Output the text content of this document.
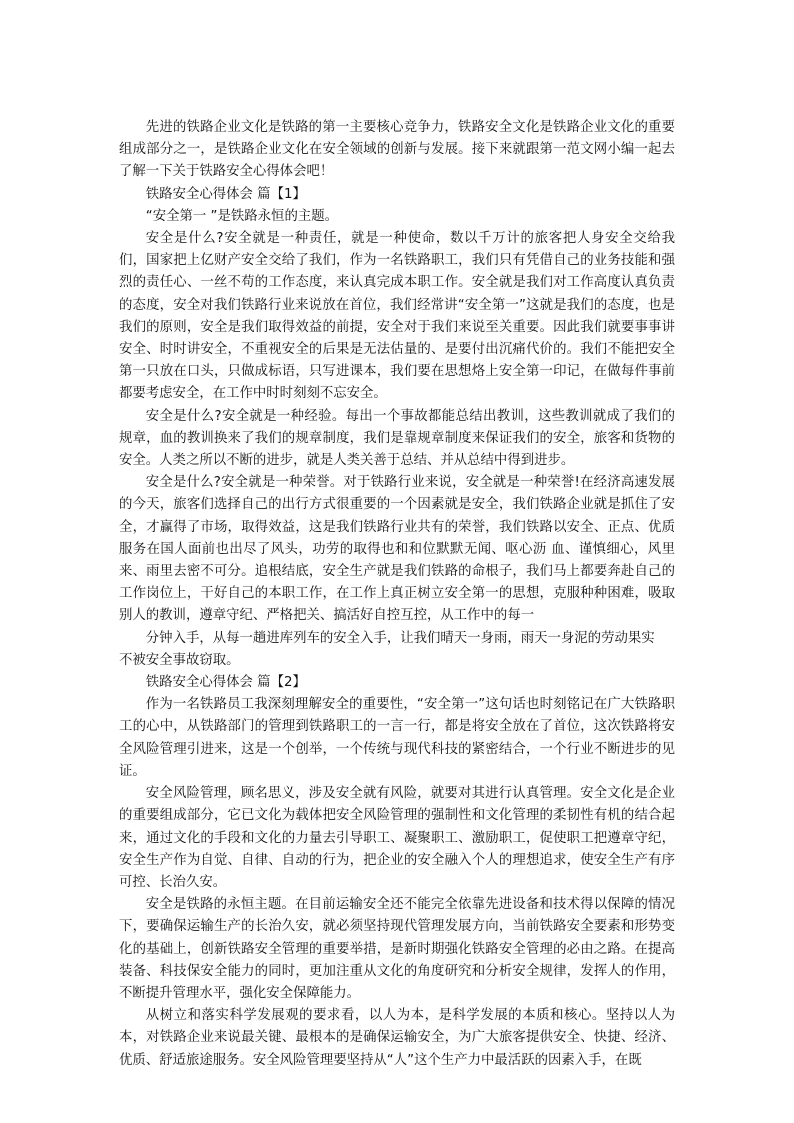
先进的铁路企业文化是铁路的第一主要核心竞争力，铁路安全文化是铁路企业文化的重要组成部分之一，是铁路企业文化在安全领域的创新与发展。接下来就跟第一范文网小编一起去了解一下关于铁路安全心得体会吧！

铁路安全心得体会 篇【1】

“安全第一 ”是铁路永恒的主题。

安全是什么?安全就是一种责任，就是一种使命，数以千万计的旅客把人身安全交给我们，国家把上亿财产安全交给了我们，作为一名铁路职工，我们只有凭借自己的业务技能和强烈的责任心、一丝不苟的工作态度，来认真完成本职工作。安全就是我们对工作高度认真负责的态度，安全对我们铁路行业来说放在首位，我们经常讲“安全第一”这就是我们的态度，也是我们的原则，安全是我们取得效益的前提，安全对于我们来说至关重要。因此我们就要事事讲安全、时时讲安全，不重视安全的后果是无法估量的、是要付出沉痛代价的。我们不能把安全第一只放在口头，只做成标语，只写进课本，我们要在思想烙上安全第一印记，在做每件事前都要考虑安全，在工作中时时刻刻不忘安全。

安全是什么?安全就是一种经验。每出一个事故都能总结出教训，这些教训就成了我们的规章，血的教训换来了我们的规章制度，我们是靠规章制度来保证我们的安全，旅客和货物的安全。人类之所以不断的进步，就是人类关善于总结、并从总结中得到进步。

安全是什么?安全就是一种荣誉。对于铁路行业来说，安全就是一种荣誉!在经济高速发展的今天，旅客们选择自己的出行方式很重要的一个因素就是安全，我们铁路企业就是抓住了安全，才赢得了市场，取得效益，这是我们铁路行业共有的荣誉，我们铁路以安全、正点、优质服务在国人面前也出尽了风头，功劳的取得也和和位默默无闻、呕心沥 血、谨慎细心，风里来、雨里去密不可分。追根结底，安全生产就是我们铁路的命根子，我们马上都要奔赴自己的工作岗位上，干好自己的本职工作，在工作上真正树立安全第一的思想，克服种种困难，吸取别人的教训，遵章守纪、严格把关、搞活好自控互控，从工作中的每一

分钟入手，从每一趟进库列车的安全入手，让我们晴天一身雨，雨天一身泥的劳动果实

不被安全事故窃取。

铁路安全心得体会 篇【2】

作为一名铁路员工我深刻理解安全的重要性，“安全第一”这句话也时刻铭记在广大铁路职工的心中，从铁路部门的管理到铁路职工的一言一行，都是将安全放在了首位，这次铁路将安全风险管理引进来，这是一个创举，一个传统与现代科技的紧密结合，一个行业不断进步的见证。

安全风险管理，顾名思义，涉及安全就有风险，就要对其进行认真管理。安全文化是企业的重要组成部分，它已文化为载体把安全风险管理的强制性和文化管理的柔韧性有机的结合起来，通过文化的手段和文化的力量去引导职工、凝聚职工、激励职工，促使职工把遵章守纪，安全生产作为自觉、自律、自动的行为，把企业的安全融入个人的理想追求，使安全生产有序可控、长治久安。

安全是铁路的永恒主题。在目前运输安全还不能完全依靠先进设备和技术得以保障的情况下，要确保运输生产的长治久安，就必须坚持现代管理发展方向，当前铁路安全要素和形势变化的基础上，创新铁路安全管理的重要举措，是新时期强化铁路安全管理的必由之路。在提高装备、科技保安全能力的同时，更加注重从文化的角度研究和分析安全规律，发挥人的作用，不断提升管理水平，强化安全保障能力。

从树立和落实科学发展观的要求看，以人为本，是科学发展的本质和核心。坚持以人为本，对铁路企业来说最关键、最根本的是确保运输安全，为广大旅客提供安全、快捷、经济、优质、舒适旅途服务。安全风险管理要坚持从“人”这个生产力中最活跃的因素入手，在既
